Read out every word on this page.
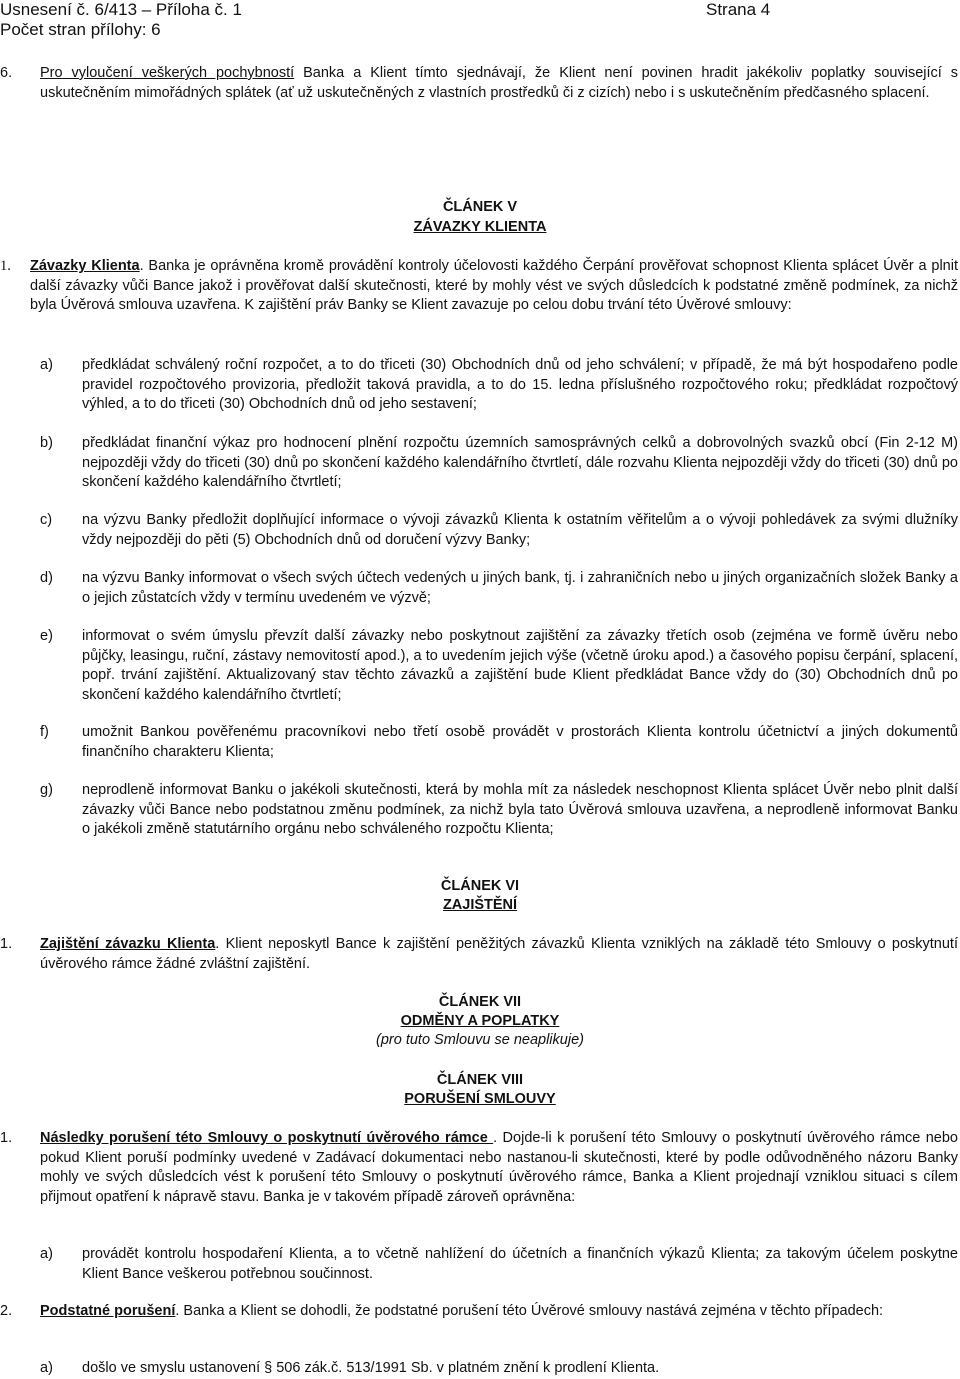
Usnesení č. 6/413 – Příloha č. 1
Počet stran přílohy: 6
Strana 4
6. Pro vyloučení veškerých pochybností Banka a Klient tímto sjednávají, že Klient není povinen hradit jakékoliv poplatky související s uskutečněním mimořádných splátek (ať už uskutečněných z vlastních prostředků či z cizích) nebo i s uskutečněním předčasného splacení.
ČLÁNEK V
ZÁVAZKY KLIENTA
1. Závazky Klienta. Banka je oprávněna kromě provádění kontroly účelovosti každého Čerpání prověřovat schopnost Klienta splácet Úvěr a plnit další závazky vůči Bance jakož i prověřovat další skutečnosti, které by mohly vést ve svých důsledcích k podstatné změně podmínek, za nichž byla Úvěrová smlouva uzavřena. K zajištění práv Banky se Klient zavazuje po celou dobu trvání této Úvěrové smlouvy:
a) předkládat schválený roční rozpočet, a to do třiceti (30) Obchodních dnů od jeho schválení; v případě, že má být hospodařeno podle pravidel rozpočtového provizoria, předložit taková pravidla, a to do 15. ledna příslušného rozpočtového roku; předkládat rozpočtový výhled, a to do třiceti (30) Obchodních dnů od jeho sestavení;
b) předkládat finanční výkaz pro hodnocení plnění rozpočtu územních samosprávných celků a dobrovolných svazků obcí (Fin 2-12 M) nejpozději vždy do třiceti (30) dnů po skončení každého kalendářního čtvrtletí, dále rozvahu Klienta nejpozději vždy do třiceti (30) dnů po skončení každého kalendářního čtvrtletí;
c) na výzvu Banky předložit doplňující informace o vývoji závazků Klienta k ostatním věřitelům a o vývoji pohledávek za svými dlužníky vždy nejpozději do pěti (5) Obchodních dnů od doručení výzvy Banky;
d) na výzvu Banky informovat o všech svých účtech vedených u jiných bank, tj. i zahraničních nebo u jiných organizačních složek Banky a o jejich zůstatcích vždy v termínu uvedeném ve výzvě;
e) informovat o svém úmyslu převzít další závazky nebo poskytnout zajištění za závazky třetích osob (zejména ve formě úvěru nebo půjčky, leasingu, ruční, zástavy nemovitostí apod.), a to uvedením jejich výše (včetně úroku apod.) a časového popisu čerpání, splacení, popř. trvání zajištění. Aktualizovaný stav těchto závazků a zajištění bude Klient předkládat Bance vždy do (30) Obchodních dnů po skončení každého kalendářního čtvrtletí;
f) umožnit Bankou pověřenému pracovníkovi nebo třetí osobě provádět v prostorách Klienta kontrolu účetnictví a jiných dokumentů finančního charakteru Klienta;
g) neprodleně informovat Banku o jakékoli skutečnosti, která by mohla mít za následek neschopnost Klienta splácet Úvěr nebo plnit další závazky vůči Bance nebo podstatnou změnu podmínek, za nichž byla tato Úvěrová smlouva uzavřena, a neprodleně informovat Banku o jakékoli změně statutárního orgánu nebo schváleného rozpočtu Klienta;
ČLÁNEK VI
ZAJIŠTĚNÍ
1. Zajištění závazku Klienta. Klient neposkytl Bance k zajištění peněžitých závazků Klienta vzniklých na základě této Smlouvy o poskytnutí úvěrového rámce žádné zvláštní zajištění.
ČLÁNEK VII
ODMĚNY A POPLATKY
(pro tuto Smlouvu se neaplikuje)
ČLÁNEK VIII
PORUŠENÍ SMLOUVY
1. Následky porušení této Smlouvy o poskytnutí úvěrového rámce . Dojde-li k porušení této Smlouvy o poskytnutí úvěrového rámce nebo pokud Klient poruší podmínky uvedené v Zadávací dokumentaci nebo nastanou-li skutečnosti, které by podle odůvodněného názoru Banky mohly ve svých důsledcích vést k porušení této Smlouvy o poskytnutí úvěrového rámce, Banka a Klient projednají vzniklou situaci s cílem přijmout opatření k nápravě stavu. Banka je v takovém případě zároveň oprávněna:
a) provádět kontrolu hospodaření Klienta, a to včetně nahlížení do účetních a finančních výkazů Klienta; za takovým účelem poskytne Klient Bance veškerou potřebnou součinnost.
2. Podstatné porušení. Banka a Klient se dohodli, že podstatné porušení této Úvěrové smlouvy nastává zejména v těchto případech:
a) došlo ve smyslu ustanovení § 506 zák.č. 513/1991 Sb. v platném znění k prodlení Klienta.
